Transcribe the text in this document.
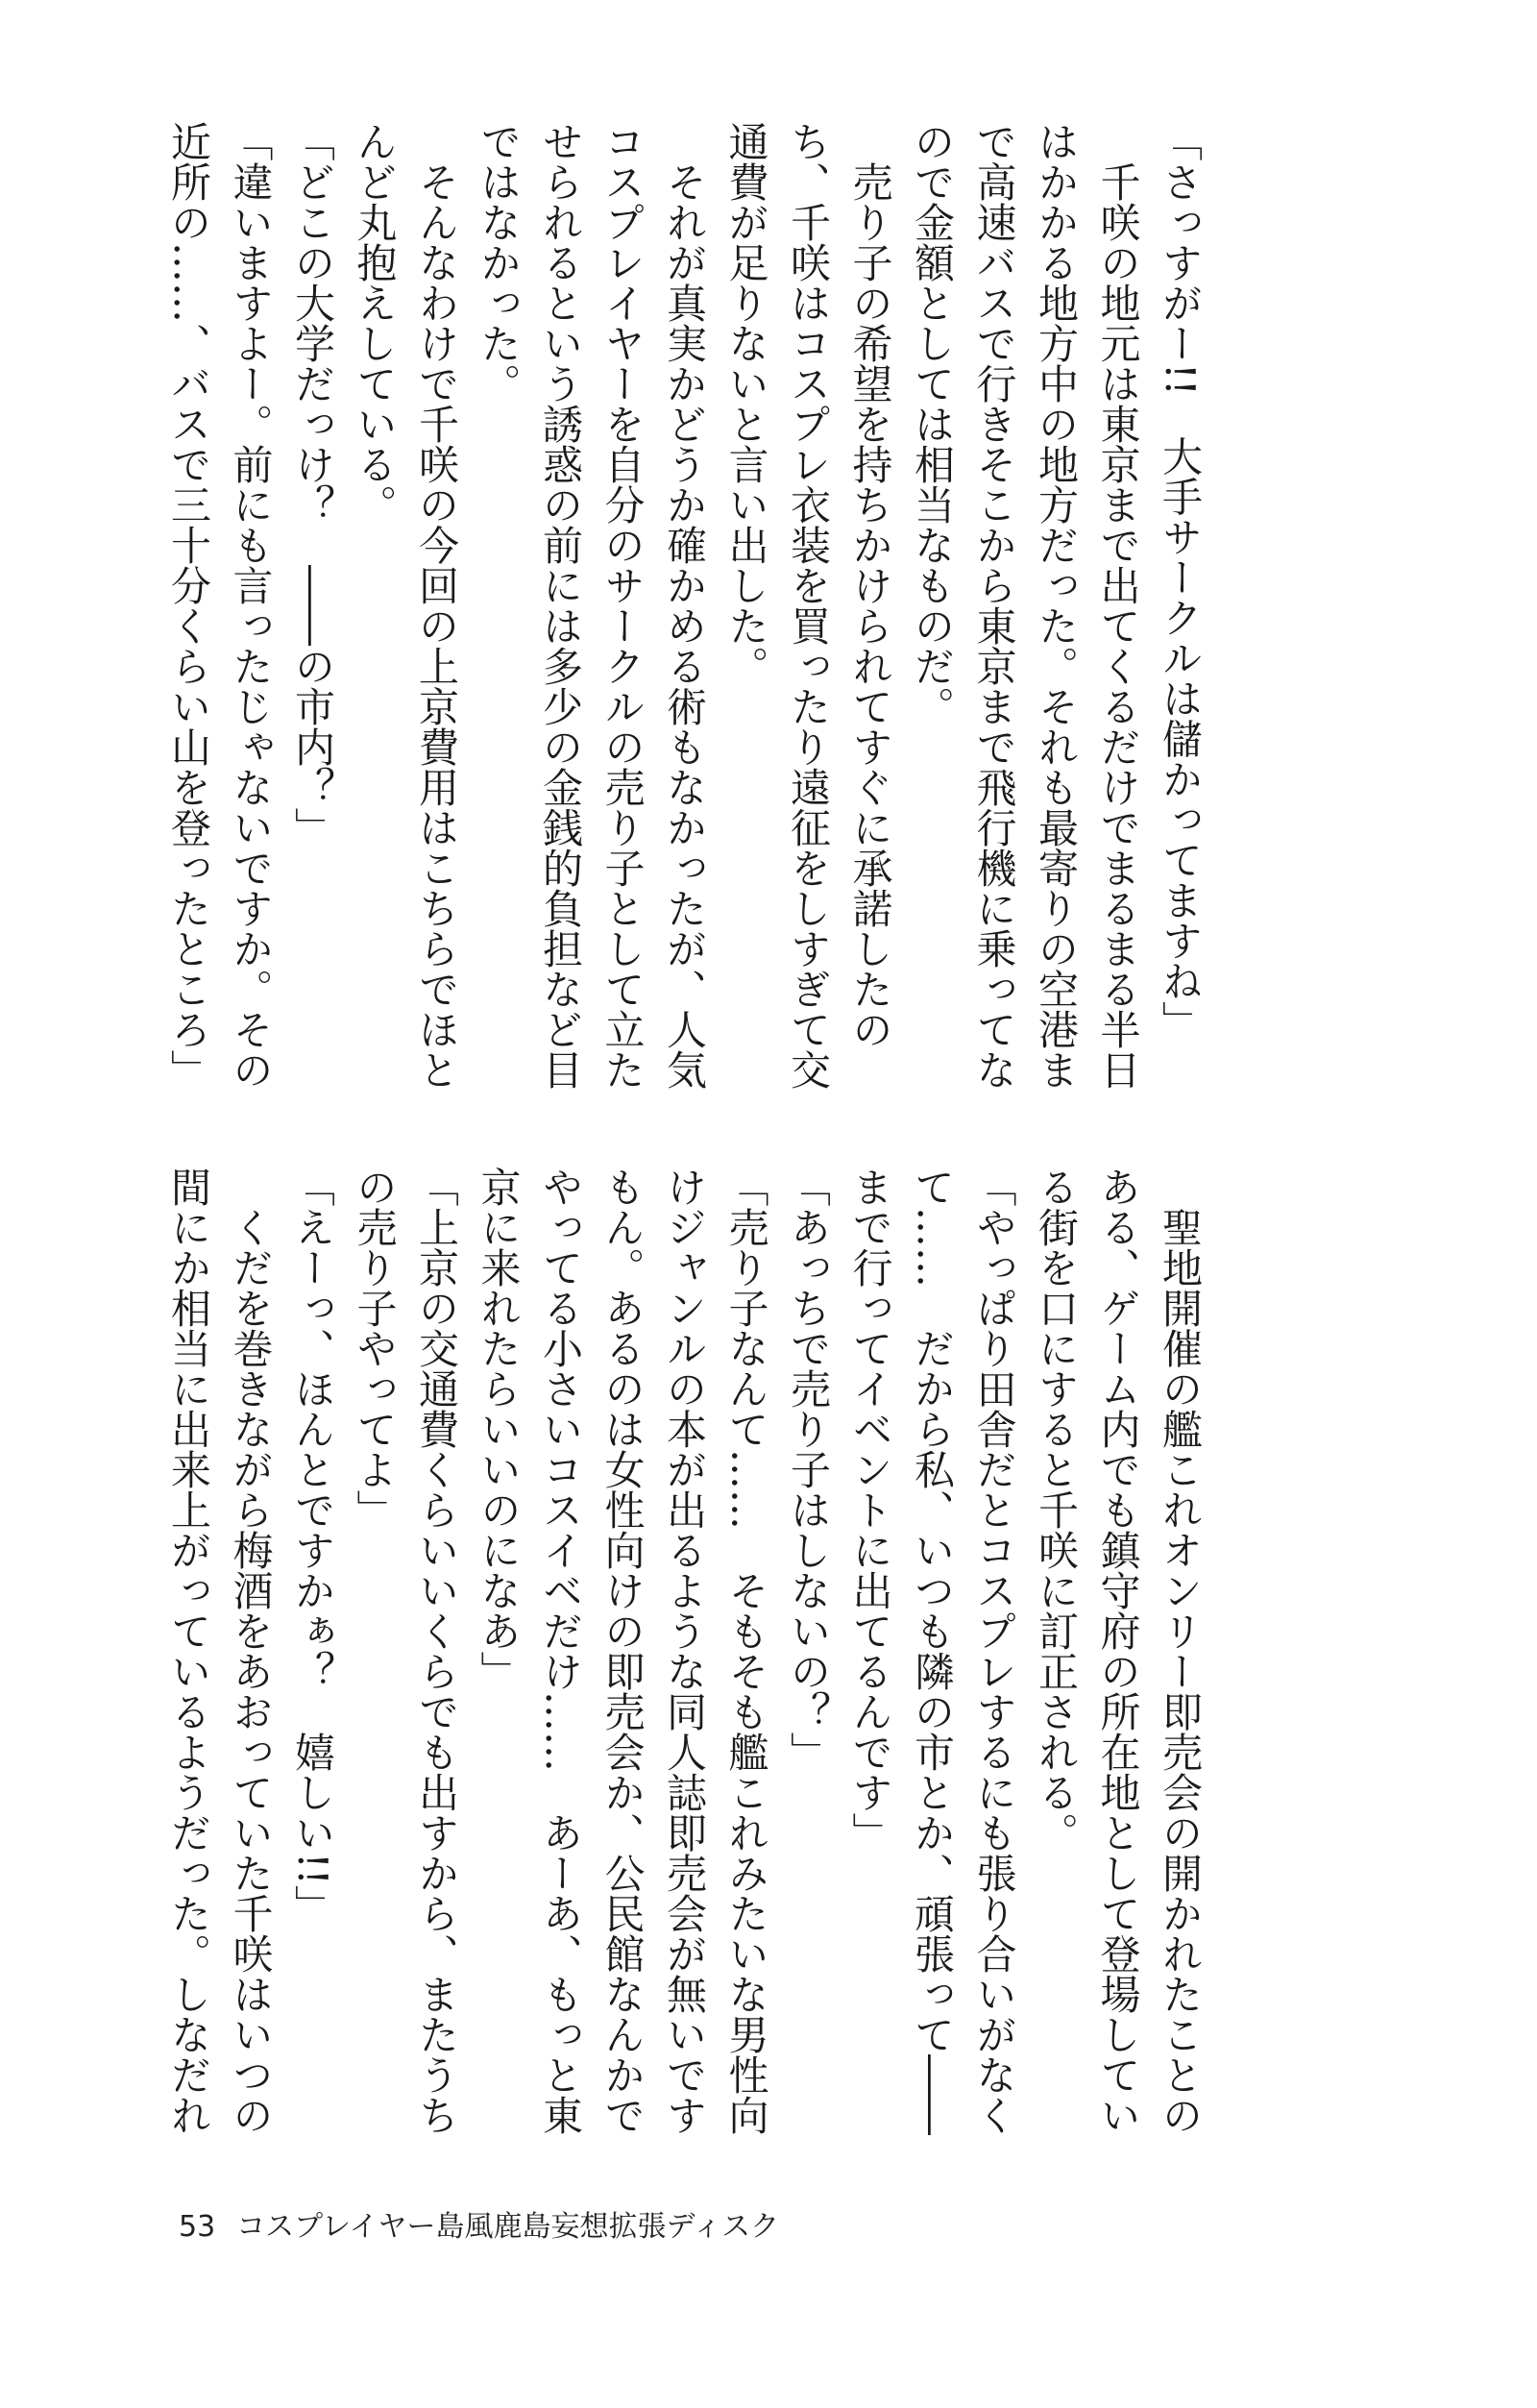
「さっすがー!!　大手サークルは儲かってますね」
　千咲の地元は東京まで出てくるだけでまるまる半日
はかかる地方中の地方だった。それも最寄りの空港ま
で高速バスで行きそこから東京まで飛行機に乗ってな
ので金額としては相当なものだ。
　売り子の希望を持ちかけられてすぐに承諾したの
ち、千咲はコスプレ衣装を買ったり遠征をしすぎて交
通費が足りないと言い出した。
　それが真実かどうか確かめる術もなかったが、人気
コスプレイヤーを自分のサークルの売り子として立た
せられるという誘惑の前には多少の金銭的負担など目
ではなかった。
　そんなわけで千咲の今回の上京費用はこちらでほと
んど丸抱えしている。
「どこの大学だっけ？　――の市内？」
「違いますよー。前にも言ったじゃないですか。その
近所の……、バスで三十分くらい山を登ったところ」
　聖地開催の艦これオンリー即売会の開かれたことの
ある、ゲーム内でも鎮守府の所在地として登場してい
る街を口にすると千咲に訂正される。
「やっぱり田舎だとコスプレするにも張り合いがなく
て……　だから私、いつも隣の市とか、頑張って――
まで行ってイベントに出てるんです」
「あっちで売り子はしないの？」
「売り子なんて……　そもそも艦これみたいな男性向
けジャンルの本が出るような同人誌即売会が無いです
もん。あるのは女性向けの即売会か、公民館なんかで
やってる小さいコスイベだけ……　あーあ、もっと東
京に来れたらいいのになあ」
「上京の交通費くらいいくらでも出すから、またうち
の売り子やってよ」
「えーっ、ほんとですかぁ？　嬉しい!!」
　くだを巻きながら梅酒をあおっていた千咲はいつの
間にか相当に出来上がっているようだった。しなだれ
53 コスプレイヤー島風鹿島妄想拡張ディスク
